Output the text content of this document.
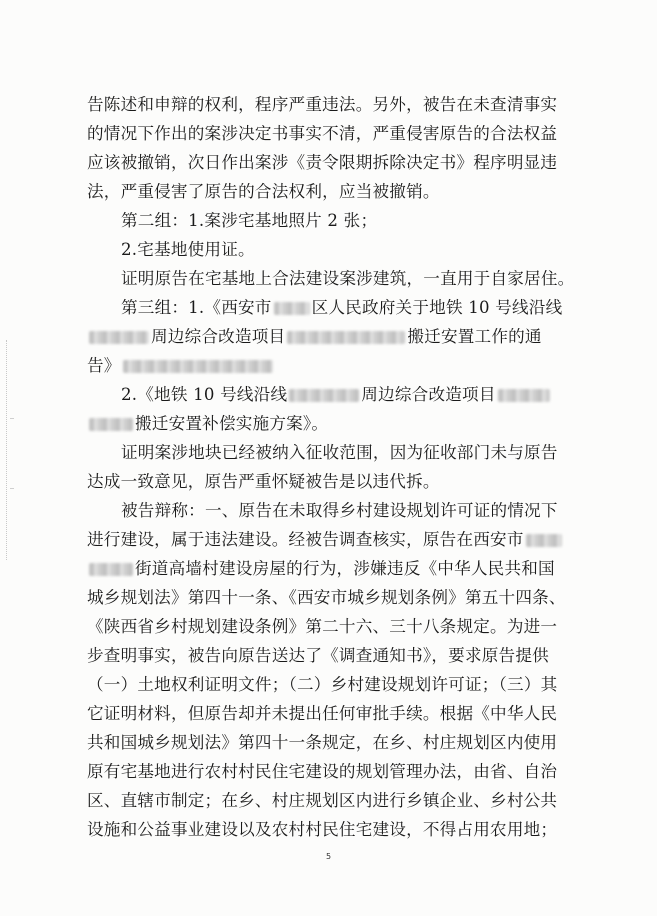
告陈述和申辩的权利，程序严重违法。另外，被告在未查清事实
的情况下作出的案涉决定书事实不清，严重侵害原告的合法权益
应该被撤销，次日作出案涉《责令限期拆除决定书》程序明显违
法，严重侵害了原告的合法权利，应当被撤销。
第二组：1.案涉宅基地照片 2 张；
2.宅基地使用证。
证明原告在宅基地上合法建设案涉建筑，一直用于自家居住。
第三组：1.《西安市 区人民政府关于地铁 10 号线沿线
周边综合改造项目	搬迁安置工作的通
告》
2.《地铁 10 号线沿线	周边综合改造项目
搬迁安置补偿实施方案》。
证明案涉地块已经被纳入征收范围，因为征收部门未与原告
达成一致意见，原告严重怀疑被告是以违代拆。
被告辩称：一、原告在未取得乡村建设规划许可证的情况下
进行建设，属于违法建设。经被告调查核实，原告在西安市
街道高墙村建设房屋的行为，涉嫌违反《中华人民共和国
城乡规划法》第四十一条、《西安市城乡规划条例》第五十四条、
《陕西省乡村规划建设条例》第二十六、三十八条规定。为进一
步查明事实，被告向原告送达了《调查通知书》，要求原告提供
（一）土地权利证明文件；（二）乡村建设规划许可证；（三）其
它证明材料，但原告却并未提出任何审批手续。根据《中华人民
共和国城乡规划法》第四十一条规定，在乡、村庄规划区内使用
原有宅基地进行农村村民住宅建设的规划管理办法，由省、自治
区、直辖市制定；在乡、村庄规划区内进行乡镇企业、乡村公共
设施和公益事业建设以及农村村民住宅建设，不得占用农用地；
5
